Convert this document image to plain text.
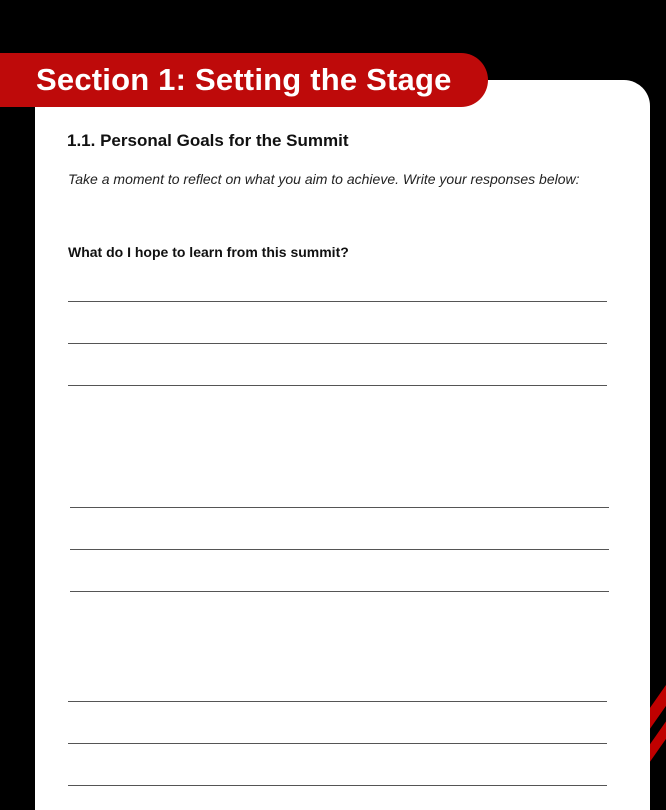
1.1. Personal Goals for the Summit

Take a moment to reflect on what you aim to achieve. Write your responses below:

What do I hope to learn from this summit?

Section 1: Setting the Stage
